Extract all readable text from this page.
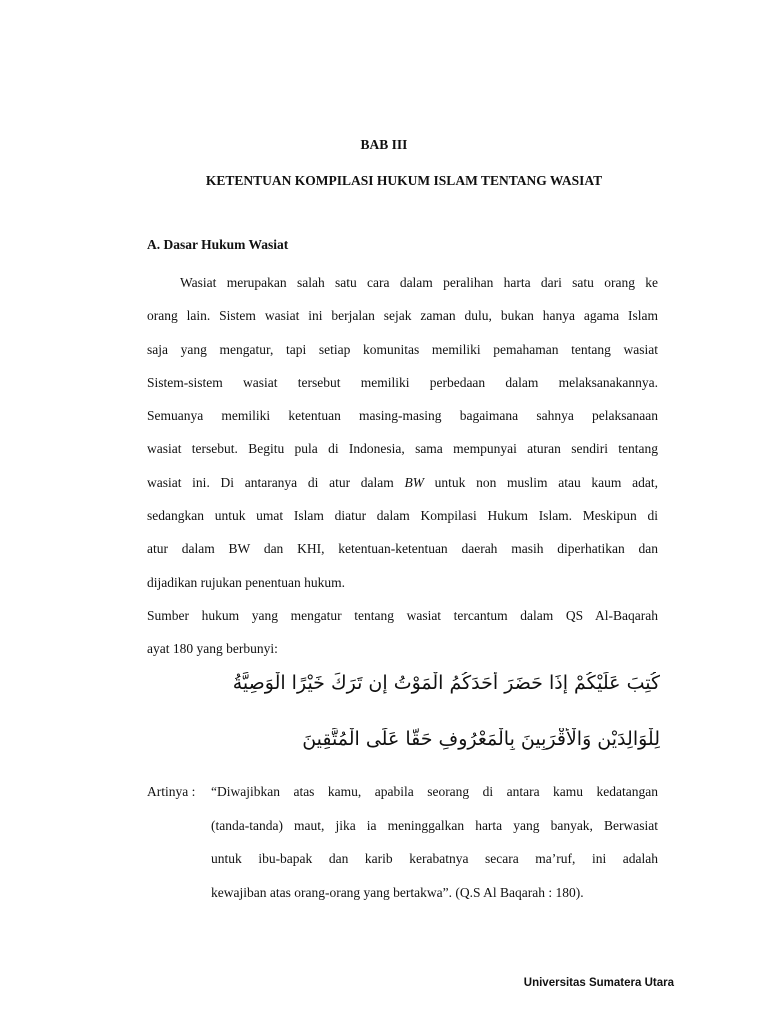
BAB III
KETENTUAN KOMPILASI HUKUM ISLAM TENTANG WASIAT
A. Dasar Hukum Wasiat
Wasiat merupakan salah satu cara dalam peralihan harta dari satu orang ke
orang lain. Sistem wasiat ini berjalan sejak zaman dulu, bukan hanya agama Islam
saja yang mengatur, tapi setiap komunitas memiliki pemahaman tentang wasiat
Sistem-sistem wasiat tersebut memiliki perbedaan dalam melaksanakannya.
Semuanya memiliki ketentuan masing-masing bagaimana sahnya pelaksanaan
wasiat tersebut. Begitu pula di Indonesia, sama mempunyai aturan sendiri tentang
wasiat ini. Di antaranya di atur dalam BW untuk non muslim atau kaum adat,
sedangkan untuk umat Islam diatur dalam Kompilasi Hukum Islam. Meskipun di
atur dalam BW dan KHI, ketentuan-ketentuan daerah masih diperhatikan dan
dijadikan rujukan penentuan hukum.
Sumber hukum yang mengatur tentang wasiat tercantum dalam QS Al-Baqarah
ayat 180 yang berbunyi:
كُتِبَ عَلَيْكُمْ إِذَا حَضَرَ أَحَدَكُمُ الْمَوْتُ إِن تَرَكَ خَيْرًا الْوَصِيَّةُ
لِلْوَالِدَيْنِ وَالْأَقْرَبِينَ بِالْمَعْرُوفِ حَقًّا عَلَى الْمُتَّقِينَ
Artinya : “Diwajibkan atas kamu, apabila seorang di antara kamu kedatangan
(tanda-tanda) maut, jika ia meninggalkan harta yang banyak, Berwasiat
untuk ibu-bapak dan karib kerabatnya secara ma’ruf, ini adalah
kewajiban atas orang-orang yang bertakwa”. (Q.S Al Baqarah : 180).
Universitas Sumatera Utara
